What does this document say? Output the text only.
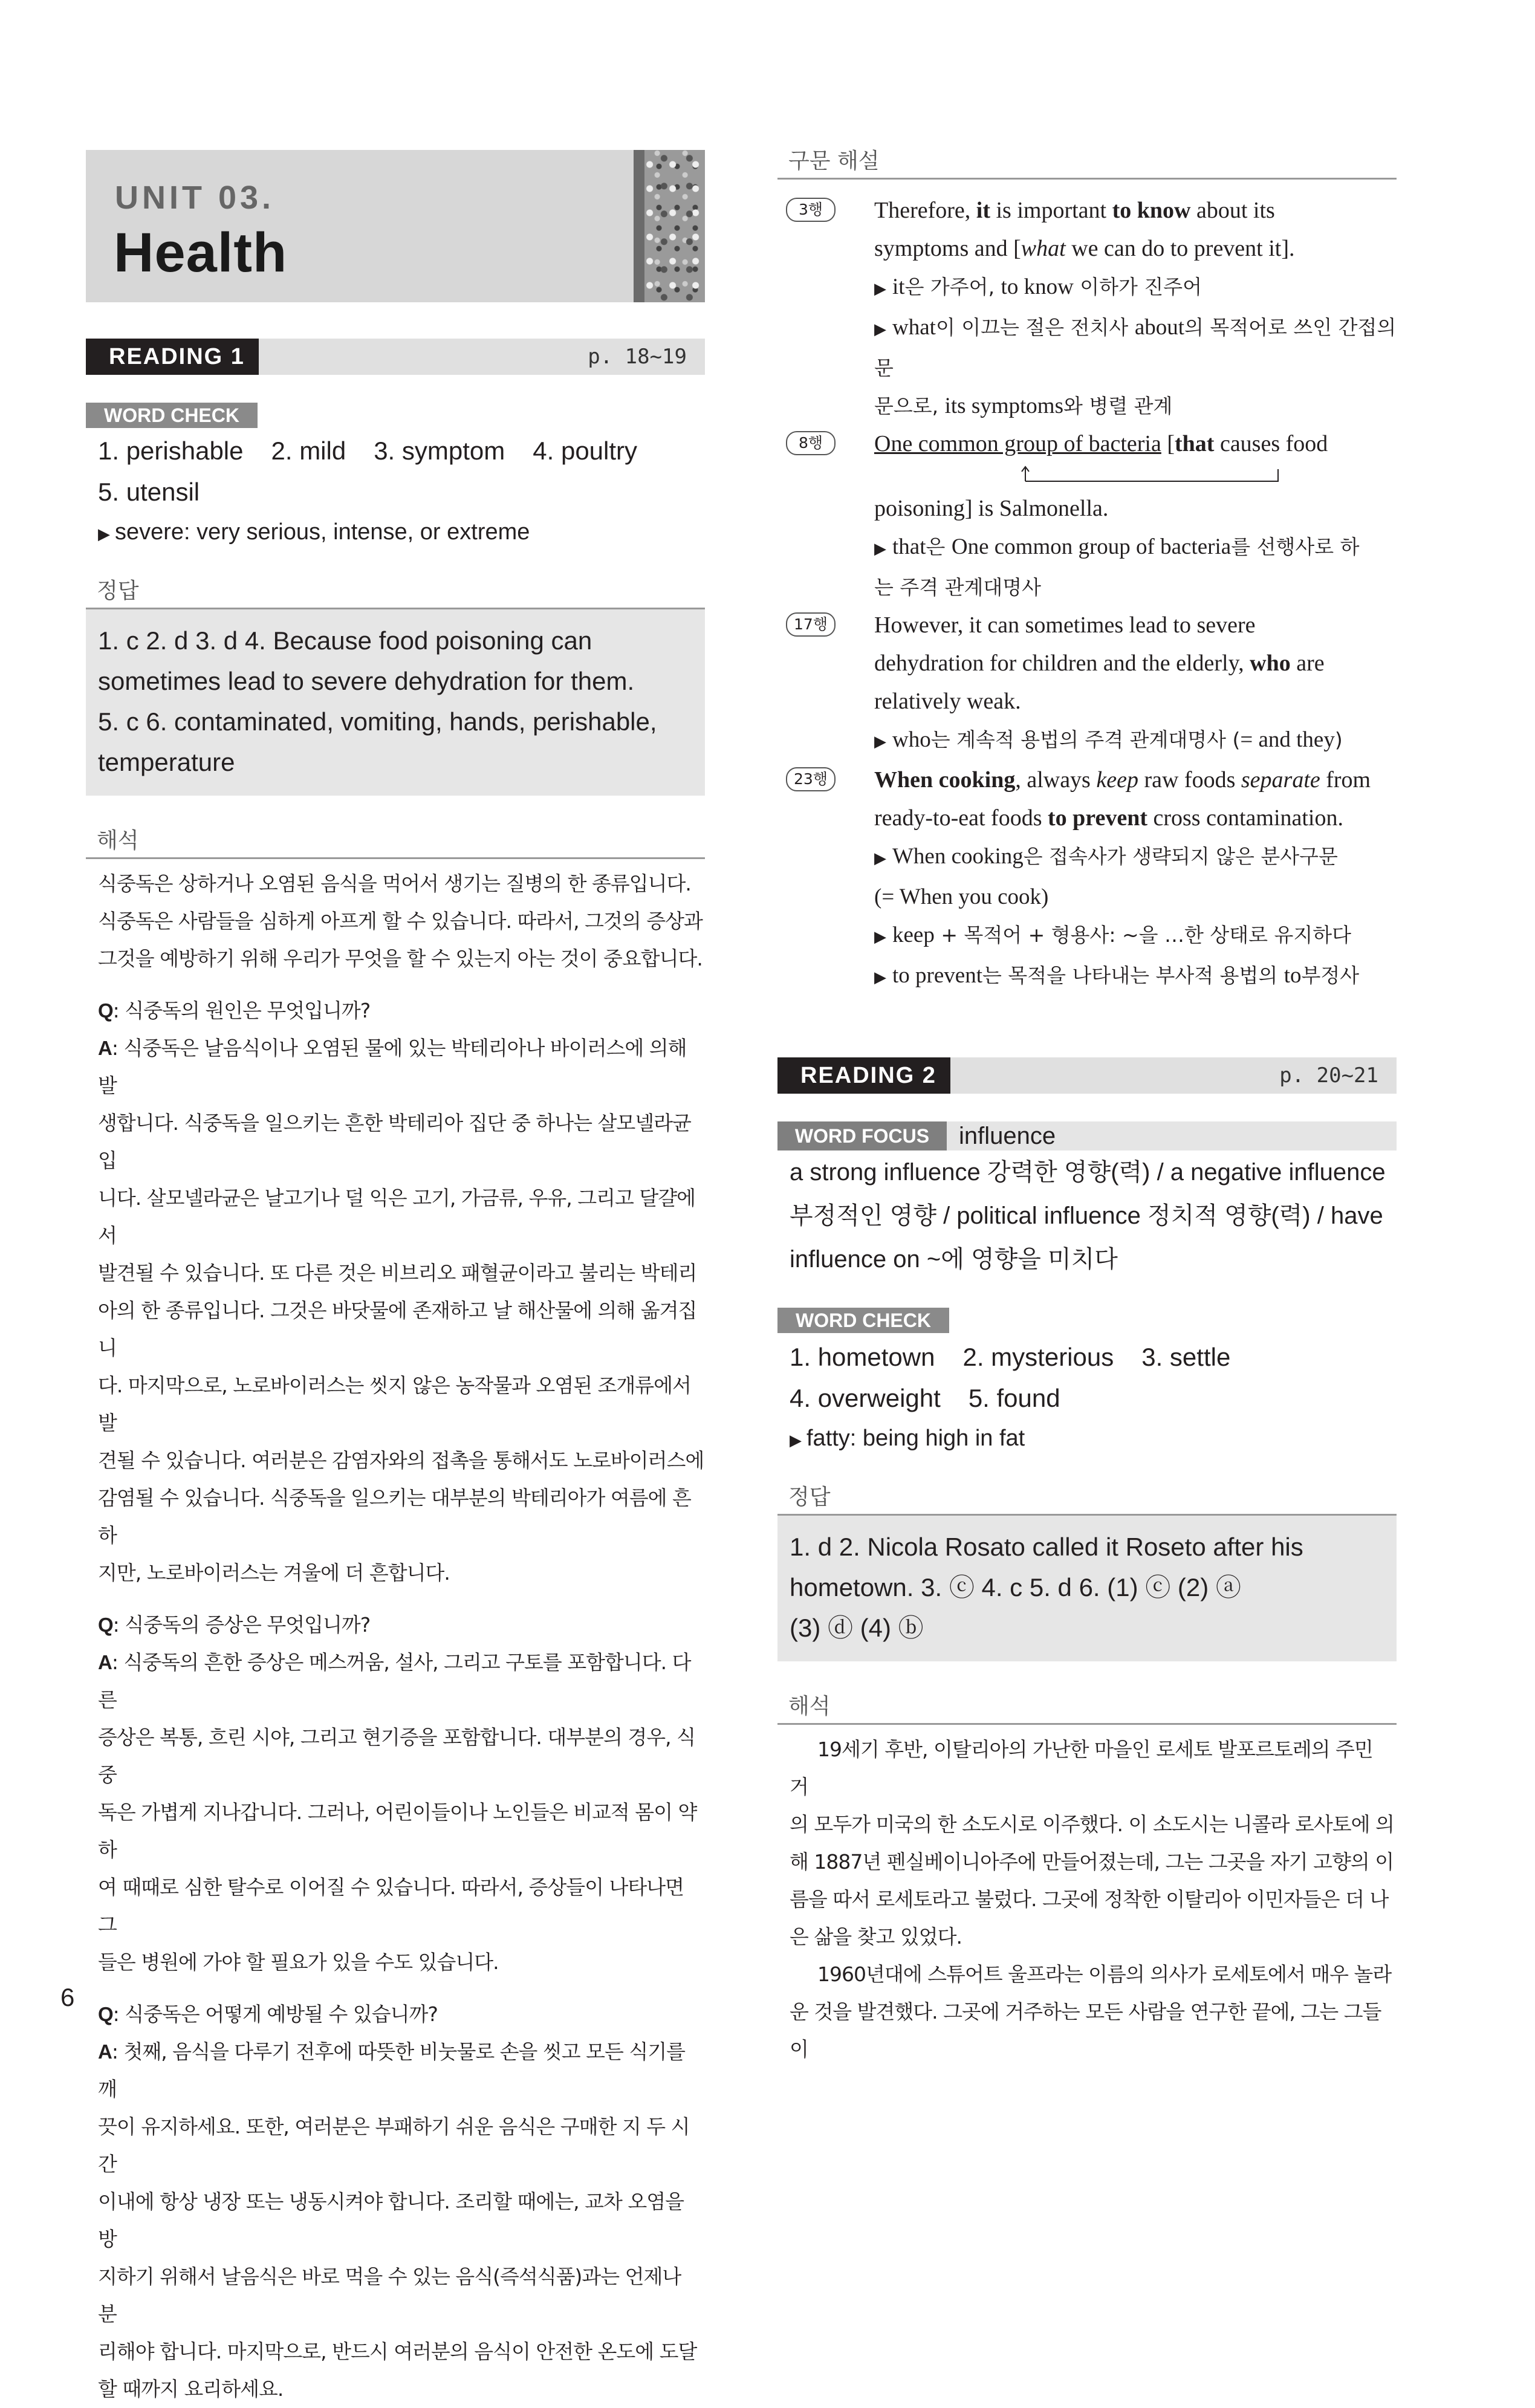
UNIT 03.
Health
READING 1	p. 18~19
WORD CHECK
1. perishable 2. mild 3. symptom 4. poultry
5. utensil
▶ severe: very serious, intense, or extreme
정답
1. c 2. d 3. d 4. Because food poisoning can
sometimes lead to severe dehydration for them.
5. c 6. contaminated, vomiting, hands, perishable,
temperature
해석
식중독은 상하거나 오염된 음식을 먹어서 생기는 질병의 한 종류입니다.
식중독은 사람들을 심하게 아프게 할 수 있습니다. 따라서, 그것의 증상과
그것을 예방하기 위해 우리가 무엇을 할 수 있는지 아는 것이 중요합니다.
Q: 식중독의 원인은 무엇입니까?
A: 식중독은 날음식이나 오염된 물에 있는 박테리아나 바이러스에 의해 발
생합니다. 식중독을 일으키는 흔한 박테리아 집단 중 하나는 살모넬라균입
니다. 살모넬라균은 날고기나 덜 익은 고기, 가금류, 우유, 그리고 달걀에서
발견될 수 있습니다. 또 다른 것은 비브리오 패혈균이라고 불리는 박테리
아의 한 종류입니다. 그것은 바닷물에 존재하고 날 해산물에 의해 옮겨집니
다. 마지막으로, 노로바이러스는 씻지 않은 농작물과 오염된 조개류에서 발
견될 수 있습니다. 여러분은 감염자와의 접촉을 통해서도 노로바이러스에
감염될 수 있습니다. 식중독을 일으키는 대부분의 박테리아가 여름에 흔하
지만, 노로바이러스는 겨울에 더 흔합니다.
Q: 식중독의 증상은 무엇입니까?
A: 식중독의 흔한 증상은 메스꺼움, 설사, 그리고 구토를 포함합니다. 다른
증상은 복통, 흐린 시야, 그리고 현기증을 포함합니다. 대부분의 경우, 식중
독은 가볍게 지나갑니다. 그러나, 어린이들이나 노인들은 비교적 몸이 약하
여 때때로 심한 탈수로 이어질 수 있습니다. 따라서, 증상들이 나타나면 그
들은 병원에 가야 할 필요가 있을 수도 있습니다.
Q: 식중독은 어떻게 예방될 수 있습니까?
A: 첫째, 음식을 다루기 전후에 따뜻한 비눗물로 손을 씻고 모든 식기를 깨
끗이 유지하세요. 또한, 여러분은 부패하기 쉬운 음식은 구매한 지 두 시간
이내에 항상 냉장 또는 냉동시켜야 합니다. 조리할 때에는, 교차 오염을 방
지하기 위해서 날음식은 바로 먹을 수 있는 음식(즉석식품)과는 언제나 분
리해야 합니다. 마지막으로, 반드시 여러분의 음식이 안전한 온도에 도달
할 때까지 요리하세요.
구문 해설
3행	Therefore, it is important to know about its
symptoms and [what we can do to prevent it].
▶ it은 가주어, to know 이하가 진주어
▶ what이 이끄는 절은 전치사 about의 목적어로 쓰인 간접의문
문으로, its symptoms와 병렬 관계
8행	One common group of bacteria [that causes food
poisoning] is Salmonella.
▶ that은 One common group of bacteria를 선행사로 하
는 주격 관계대명사
17행	However, it can sometimes lead to severe
dehydration for children and the elderly, who are
relatively weak.
▶ who는 계속적 용법의 주격 관계대명사 (= and they)
23행	When cooking, always keep raw foods separate from
ready-to-eat foods to prevent cross contamination.
▶ When cooking은 접속사가 생략되지 않은 분사구문
(= When you cook)
▶ keep + 목적어 + 형용사: ~을 …한 상태로 유지하다
▶ to prevent는 목적을 나타내는 부사적 용법의 to부정사
READING 2	p. 20~21
WORD FOCUS	influence
a strong influence 강력한 영향(력) / a negative influence
부정적인 영향 / political influence 정치적 영향(력) / have
influence on ~에 영향을 미치다
WORD CHECK
1. hometown 2. mysterious 3. settle
4. overweight 5. found
▶ fatty: being high in fat
정답
1. d 2. Nicola Rosato called it Roseto after his
hometown. 3. ⓒ 4. c 5. d 6. (1) ⓒ (2) ⓐ
(3) ⓓ (4) ⓑ
해석
19세기 후반, 이탈리아의 가난한 마을인 로세토 발포르토레의 주민 거
의 모두가 미국의 한 소도시로 이주했다. 이 소도시는 니콜라 로사토에 의
해 1887년 펜실베이니아주에 만들어졌는데, 그는 그곳을 자기 고향의 이
름을 따서 로세토라고 불렀다. 그곳에 정착한 이탈리아 이민자들은 더 나
은 삶을 찾고 있었다.
1960년대에 스튜어트 울프라는 이름의 의사가 로세토에서 매우 놀라
운 것을 발견했다. 그곳에 거주하는 모든 사람을 연구한 끝에, 그는 그들이
6
